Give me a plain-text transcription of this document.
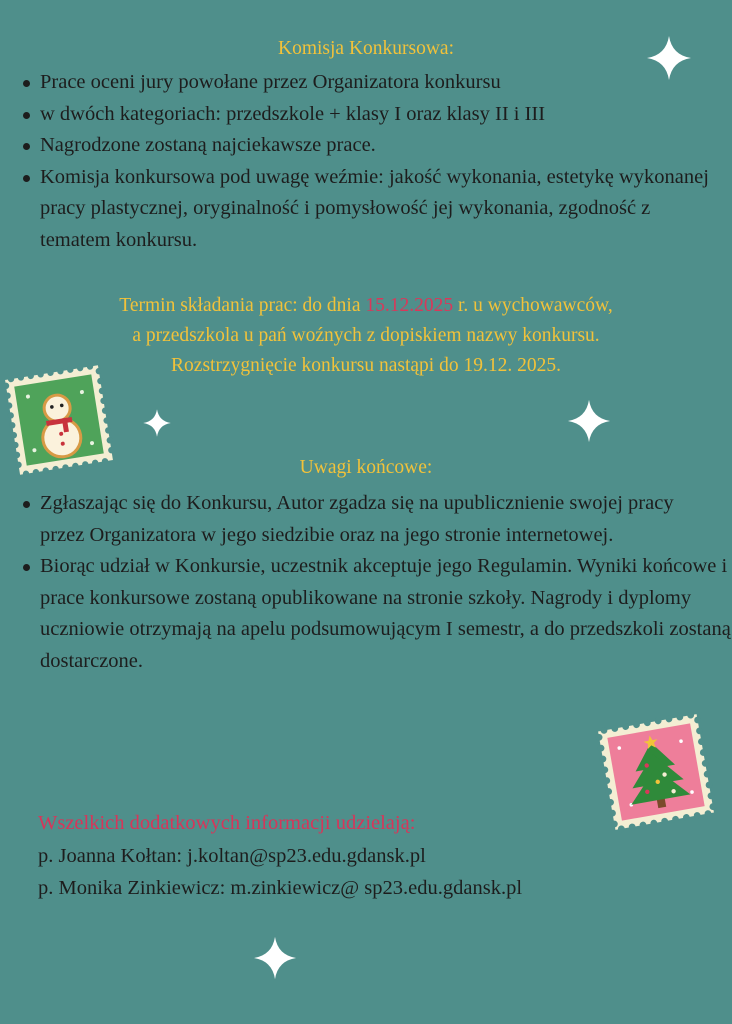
Komisja Konkursowa:
Prace oceni jury powołane przez Organizatora konkursu
w dwóch kategoriach: przedszkole + klasy I oraz klasy II i III
Nagrodzone zostaną najciekawsze prace.
Komisja konkursowa pod uwagę weźmie: jakość wykonania, estetykę wykonanej pracy plastycznej, oryginalność i pomysłowość jej wykonania, zgodność z tematem konkursu.
Termin składania prac: do dnia 15.12.2025 r. u wychowawców,
a przedszkola u pań woźnych z dopiskiem nazwy konkursu.
Rozstrzygnięcie konkursu nastąpi do 19.12. 2025.
Uwagi końcowe:
Zgłaszając się do Konkursu, Autor zgadza się na upublicznienie swojej pracy przez Organizatora w jego siedzibie oraz na jego stronie internetowej.
Biorąc udział w Konkursie, uczestnik akceptuje jego Regulamin. Wyniki końcowe i prace konkursowe zostaną opublikowane na stronie szkoły. Nagrody i dyplomy uczniowie otrzymają na apelu podsumowującym I semestr, a do przedszkoli zostaną dostarczone.
Wszelkich dodatkowych informacji udzielają:
p. Joanna Kołtan: j.koltan@sp23.edu.gdansk.pl
p. Monika Zinkiewicz: m.zinkiewicz@ sp23.edu.gdansk.pl
